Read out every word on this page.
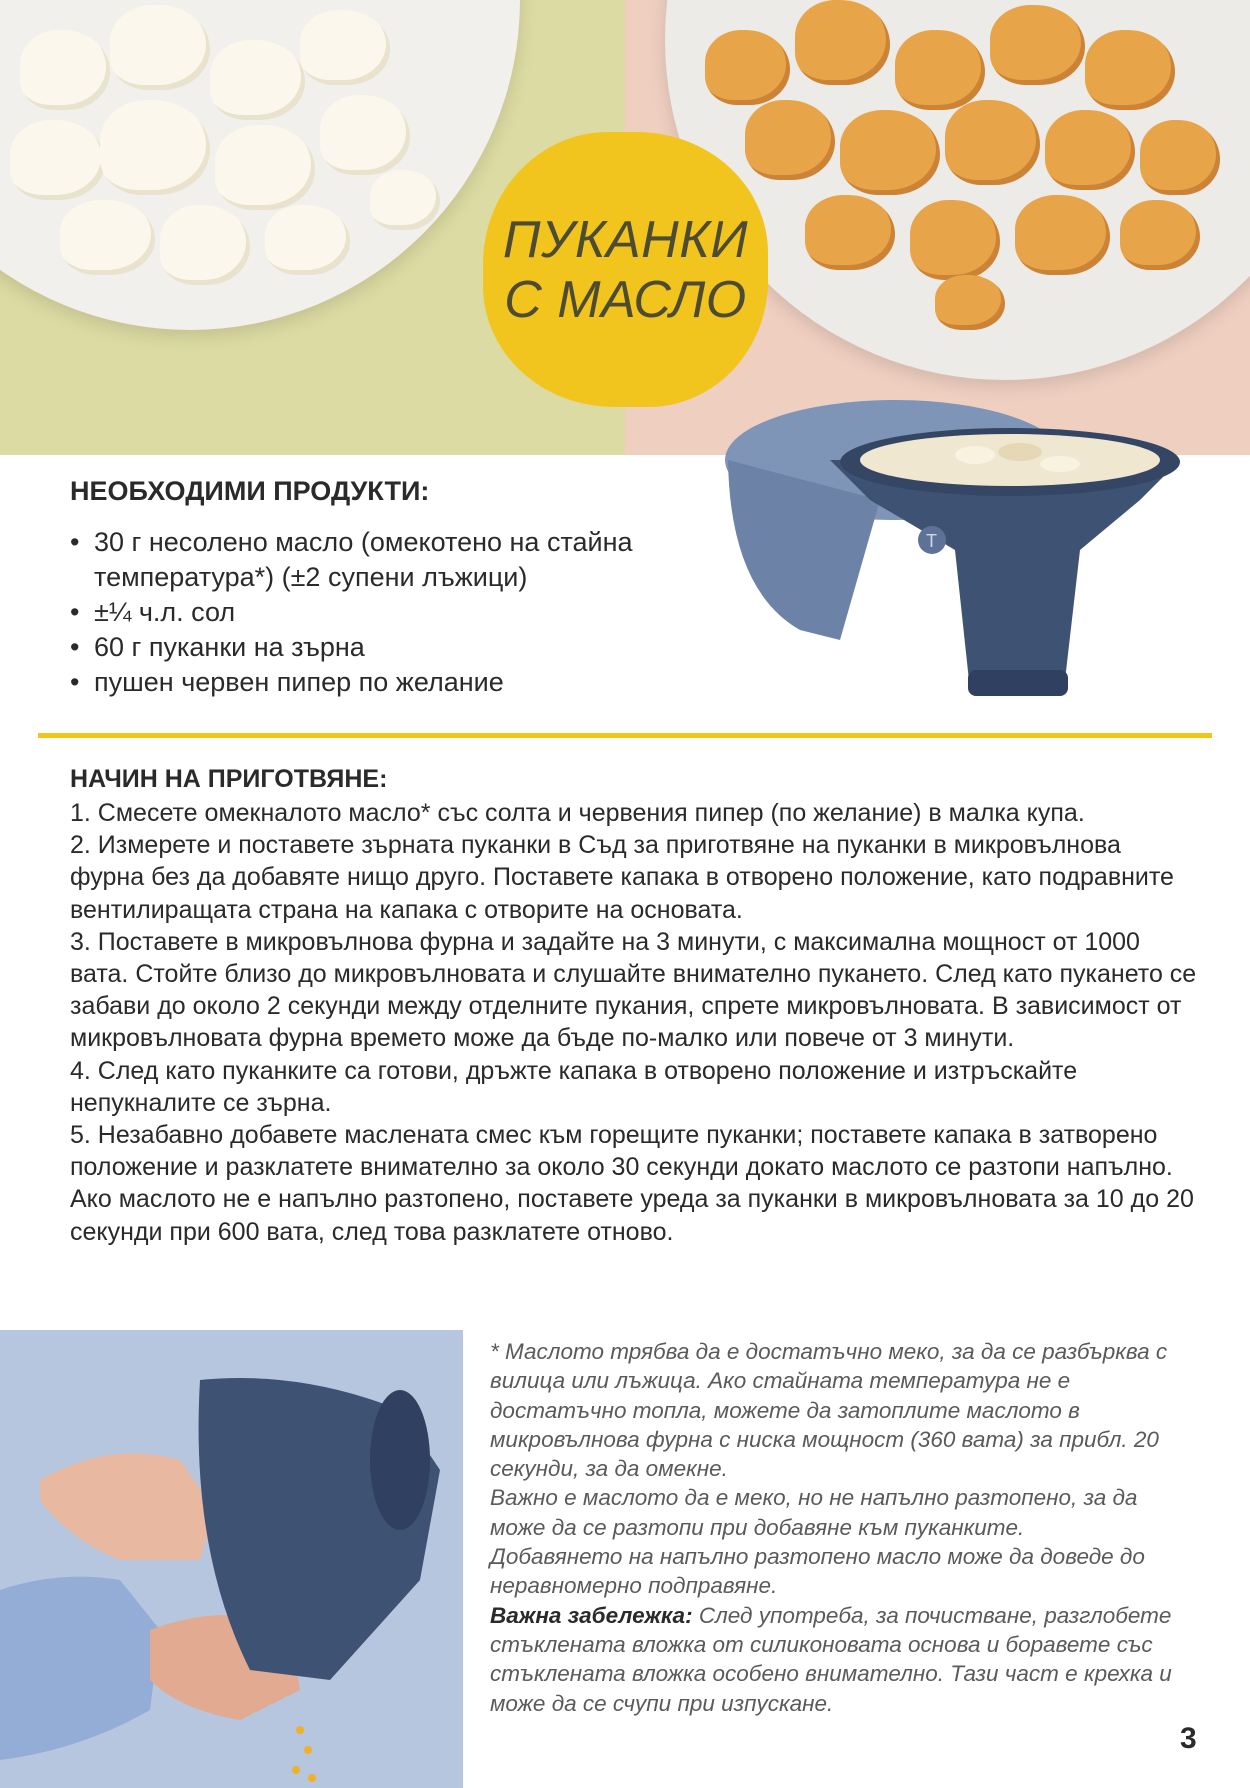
ПУКАНКИ
С МАСЛО
T
НЕОБХОДИМИ ПРОДУКТИ:
• 30 г несолено масло (омекотено на стайна температура*) (±2 супени лъжици)
• ±¼ ч.л. сол
• 60 г пуканки на зърна
• пушен червен пипер по желание
НАЧИН НА ПРИГОТВЯНЕ:

1. Смесете омекналото масло* със солта и червения пипер (по желание) в малка купа.

2. Измерете и поставете зърната пуканки в Съд за приготвяне на пуканки в микровълнова фурна без да добавяте нищо друго. Поставете капака в отворено положение, като подравните вентилиращата страна на капака с отворите на основата.

3. Поставете в микровълнова фурна и задайте на 3 минути, с максимална мощност от 1000 вата. Стойте близо до микровълновата и слушайте внимателно пукането. След като пукането се забави до около 2 секунди между отделните пукания, спрете микровълновата. В зависимост от микровълновата фурна времето може да бъде по-малко или повече от 3 минути.

4. След като пуканките са готови, дръжте капака в отворено положение и изтръскайте непукналите се зърна.

5. Незабавно добавете маслената смес към горещите пуканки; поставете капака в затворено положение и разклатете внимателно за около 30 секунди докато маслото се разтопи напълно. Ако маслото не е напълно разтопено, поставете уреда за пуканки в микровълновата за 10 до 20 секунди при 600 вата, след това разклатете отново.

* Маслото трябва да е достатъчно меко, за да се разбърква с вилица или лъжица. Ако стайната температура не е достатъчно топла, можете да затоплите маслото в микровълнова фурна с ниска мощност (360 вата) за прибл. 20 секунди, за да омекне.

Важно е маслото да е меко, но не напълно разтопено, за да може да се разтопи при добавяне към пуканките.

Добавянето на напълно разтопено масло може да доведе до неравномерно подправяне.

Важна забележка: След употреба, за почистване, разглобете стъклената вложка от силиконовата основа и боравете със стъклената вложка особено внимателно. Тази част е крехка и може да се счупи при изпускане.

3
